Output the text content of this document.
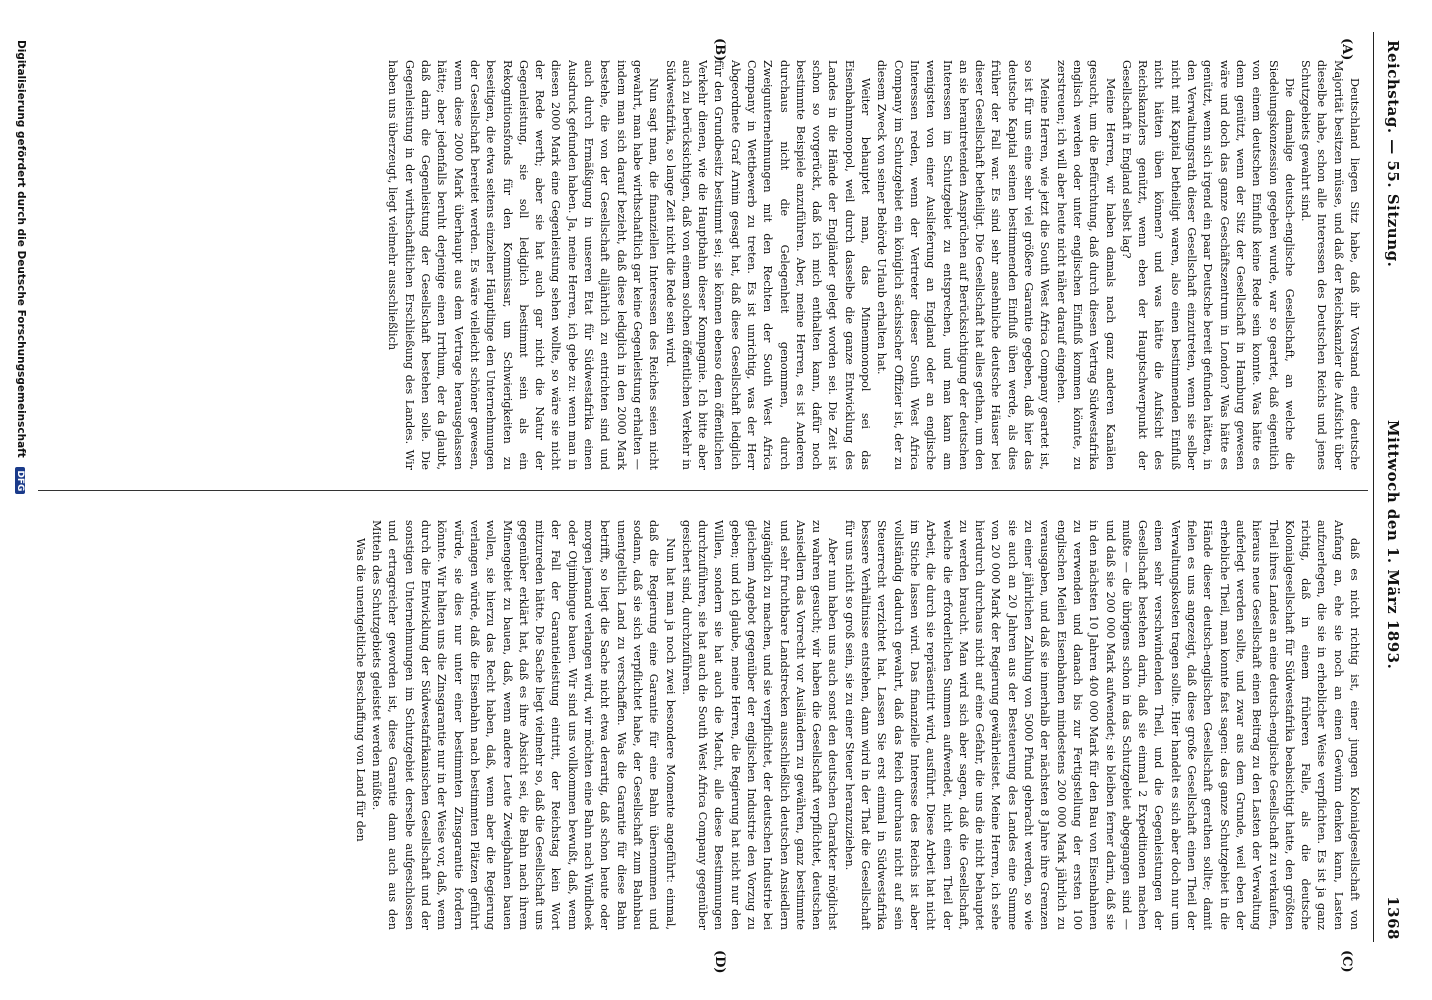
Reichstag. — 55. Sitzung.
Mittwoch den 1. März 1893.
1368
(A)
(B)
(C)
(D)

Deutschland liegen Sitz habe, daß ihr Vorstand eine deutsche Majorität besitzen müsse, und daß der Reichskanzler die Aufsicht über dieselbe habe, schon alle Interessen des Deutschen Reichs und jenes Schutzgebiets gewahrt sind.

Die damalige deutsch-englische Gesellschaft, an welche die Siedelungskonzession gegeben wurde, war so geartet, daß eigentlich von einem deutschen Einfluß keine Rede sein konnte. Was hätte es denn genützt, wenn der Sitz der Gesellschaft in Hamburg gewesen wäre und doch das ganze Geschäftszentrum in London? Was hätte es genützt, wenn sich irgend ein paar Deutsche bereit gefunden hätten, in den Verwaltungsrath dieser Gesellschaft einzutreten, wenn sie selber nicht mit Kapital betheiligt waren, also einen bestimmenden Einfluß nicht hätten üben können? und was hätte die Aufsicht des Reichskanzlers genützt, wenn eben der Hauptschwerpunkt der Gesellschaft in England selbst lag?

Meine Herren, wir haben damals nach ganz anderen Kanälen gesucht, um die Befürchtung, daß durch diesen Vertrag Südwestafrika englisch werden oder unter englischen Einfluß kommen könnte, zu zerstreuen; ich will aber heute nicht näher darauf eingehen.

Meine Herren, wie jetzt die South West Africa Company geartet ist, so ist für uns eine sehr viel größere Garantie gegeben, daß hier das deutsche Kapital seinen bestimmenden Einfluß üben werde, als dies früher der Fall war. Es sind sehr ansehnliche deutsche Häuser bei dieser Gesellschaft betheiligt. Die Gesellschaft hat alles gethan, um den an sie herantretenden Ansprüchen auf Berücksichtigung der deutschen Interessen im Schutzgebiet zu entsprechen, und man kann am wenigsten von einer Auslieferung an England oder an englische Interessen reden, wenn der Vertreter dieser South West Africa Company im Schutzgebiet ein königlich sächsischer Offizier ist, der zu diesem Zweck von seiner Behörde Urlaub erhalten hat.

Weiter behauptet man, das Minenmonopol sei das Eisenbahnmonopol, weil durch dasselbe die ganze Entwicklung des Landes in die Hände der Engländer gelegt worden sei. Die Zeit ist schon so vorgerückt, daß ich mich enthalten kann, dafür noch bestimmte Beispiele anzuführen. Aber, meine Herren, es ist Anderen durchaus nicht die Gelegenheit genommen, durch Zweigunternehmungen mit den Rechten der South West Africa Company in Wettbewerb zu treten. Es ist unrichtig, was der Herr Abgeordnete Graf Arnim gesagt hat, daß diese Gesellschaft lediglich für den Grundbesitz bestimmt sei; sie können ebenso dem öffentlichen Verkehr dienen, wie die Hauptbahn dieser Kompagnie. Ich bitte aber auch zu berücksichtigen, daß von einem solchen öffentlichen Verkehr in Südwestafrika, so lange Zeit nicht die Rede sein wird.

Nun sagt man, die finanziellen Interessen des Reiches seien nicht gewahrt, man habe wirthschaftlich gar keine Gegenleistung erhalten — indem man sich darauf bezieht, daß diese lediglich in den 2000 Mark bestehe, die von der Gesellschaft alljährlich zu entrichten sind und auch durch Ermäßigung in unseren Etat für Südwestafrika einen Ausdruck gefunden haben. Ja, meine Herren, ich gebe zu: wenn man in diesen 2000 Mark eine Gegenleistung sehen wollte, so wäre sie nicht der Rede werth; aber sie hat auch gar nicht die Natur der Gegenleistung, sie soll lediglich bestimmt sein als ein Rekognitionsfonds für den Kommissar, um Schwierigkeiten zu beseitigen, die etwa seitens einzelner Häuptlinge den Unternehmungen der Gesellschaft bereitet werden. Es wäre vielleicht schöner gewesen, wenn diese 2000 Mark überhaupt aus dem Vertrage herausgelassen hätte; aber jedenfalls beruht derjenige einen Irrthum, der da glaubt, daß darin die Gegenleistung der Gesellschaft bestehen solle. Die Gegenleistung in der wirthschaftlichen Erschließung des Landes. Wir haben uns überzeugt, liegt vielmehr ausschließlich

daß es nicht richtig ist, einer jungen Kolonialgesellschaft von Anfang an, ehe sie noch an einen Gewinn denken kann, Lasten aufzuerlegen, die sie in erheblicher Weise verpflichten. Es ist ja ganz richtig, daß in einem früheren Falle, als die deutsche Kolonialgesellschaft für Südwestafrika beabsichtigt hatte, den größten Theil ihres Landes an eine deutsch-englische Gesellschaft zu verkaufen, hieraus neue Gesellschaft einen Beitrag zu den Lasten der Verwaltung auferlegt werden sollte, und zwar aus dem Grunde, weil eben der erhebliche Theil, man konnte fast sagen: das ganze Schutzgebiet in die Hände dieser deutsch-englischen Gesellschaft gerathen sollte; damit fielen es uns angezeigt, daß diese große Gesellschaft einen Theil der Verwaltungskosten tragen sollte. Hier handelt es sich aber doch nur um einen sehr verschwindenden Theil, und die Gegenleistungen der Gesellschaft bestehen darin, daß sie einmal 2 Expeditionen machen mußte — die übrigens schon in das Schutzgebiet abgegangen sind — und daß sie 200 000 Mark aufwendet; sie bleiben ferner darin, daß sie in den nächsten 10 Jahren 400 000 Mark für den Bau von Eisenbahnen zu verwenden und danach bis zur Fertigstellung der ersten 100 englischen Meilen Eisenbahnen mindestens 200 000 Mark jährlich zu verausgaben, und daß sie innerhalb der nächsten 8 Jahre ihre Grenzen zu einer jährlichen Zahlung von 5000 Pfund gebracht werden, so wie sie auch an 20 Jahren aus der Besteuerung des Landes eine Summe von 20 000 Mark der Regierung gewährleistet. Meine Herren, ich sehe hierdurch durchaus nicht auf eine Gefahr, die uns die nicht behauptet zu werden braucht. Man wird sich aber sagen, daß die Gesellschaft, welche die erforderlichen Summen aufwendet, nicht einen Theil der Arbeit, die durch sie repräsentirt wird, ausführt. Diese Arbeit hat nicht im Stiche lassen wird. Das finanzielle Interesse des Reichs ist aber vollständig dadurch gewahrt, daß das Reich durchaus nicht auf sein Steuerrecht verzichtet hat. Lassen Sie erst einmal in Südwestafrika bessere Verhältnisse entstehen, dann wird in der That die Gesellschaft für uns nicht so groß sein, sie zu einer Steuer heranzuziehen.

Aber nun haben uns auch sonst den deutschen Charakter möglichst zu wahren gesucht; wir haben die Gesellschaft verpflichtet, deutschen Ansiedlern das Vorrecht vor Ausländern zu gewähren, ganz bestimmte und sehr fruchtbare Landstrecken ausschließlich deutschen Ansiedlern zugänglich zu machen, und sie verpflichtet, der deutschen Industrie bei gleichem Angebot gegenüber der englischen Industrie den Vorzug zu geben; und ich glaube, meine Herren, die Regierung hat nicht nur den Willen, sondern sie hat auch die Macht, alle diese Bestimmungen durchzuführen, sie hat auch die South West Africa Company gegenüber gesichert sind, durchzuführen.

Nun hat man ja noch zwei besondere Momente angeführt: einmal, daß die Regierung eine Garantie für eine Bahn übernommen und sodann, daß sie sich verpflichtet habe, der Gesellschaft zum Bahnbau unentgeltlich Land zu verschaffen. Was die Garantie für diese Bahn betrifft, so liegt die Sache nicht etwa derartig, daß schon heute oder morgen jemand verlangen wird, wir möchten eine Bahn nach Windhoek oder Otjimbingue bauen. Wir sind uns vollkommen bewußt, daß, wenn der Fall der Garantieleistung eintritt, der Reichstag kein Wort mitzureden hätte. Die Sache liegt vielmehr so, daß die Gesellschaft uns gegenüber erklärt hat, daß es ihre Absicht sei, die Bahn nach ihrem Minengebiet zu bauen, daß, wenn andere Leute Zweigbahnen bauen wollen, sie hierzu das Recht haben, daß, wenn aber die Regierung verlangen würde, daß die Eisenbahn nach bestimmten Plätzen geführt würde, sie dies nur unter einer bestimmten Zinsgarantie fordern könnte. Wir halten uns die Zinsgarantie nur in der Weise vor, daß, wenn durch die Entwicklung der Südwestafrikanischen Gesellschaft und der sonstigen Unternehmungen im Schutzgebiet derselbe aufgeschlossen und ertragreicher geworden ist, diese Garantie dann auch aus den Mitteln des Schutzgebiets geleistet werden müßte.

Was die unentgeltliche Beschaffung von Land für den

Digitalisierung gefördert durch die Deutsche Forschungsgemeinschaft DFG
